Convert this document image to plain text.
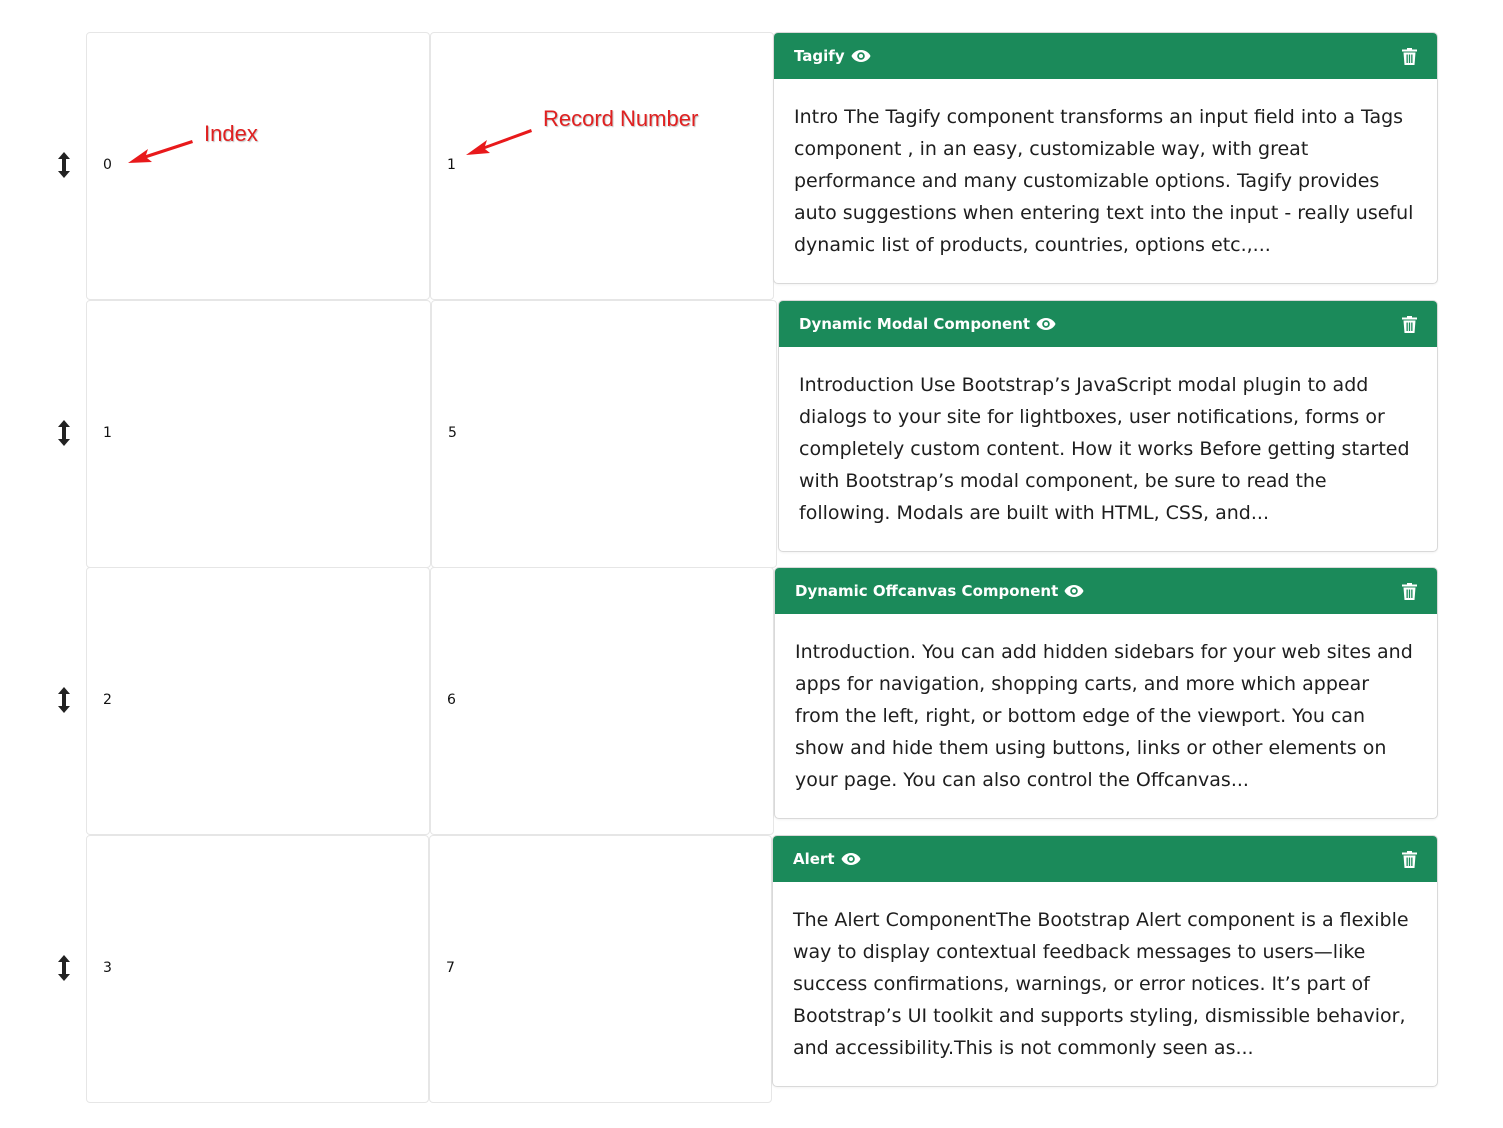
0	1
Tagify
Intro The Tagify component transforms an input field into a Tags component , in an easy, customizable way, with great performance and many customizable options. Tagify provides auto suggestions when entering text into the input - really useful dynamic list of products, countries, options etc.,...
1	5
Dynamic Modal Component
Introduction Use Bootstrap’s JavaScript modal plugin to add dialogs to your site for lightboxes, user notifications, forms or completely custom content. How it works Before getting started with Bootstrap’s modal component, be sure to read the following. Modals are built with HTML, CSS, and...
2	6
Dynamic Offcanvas Component
Introduction. You can add hidden sidebars for your web sites and apps for navigation, shopping carts, and more which appear from the left, right, or bottom edge of the viewport. You can show and hide them using buttons, links or other elements on your page. You can also control the Offcanvas...
3	7
Alert
The Alert ComponentThe Bootstrap Alert component is a flexible way to display contextual feedback messages to users—like success confirmations, warnings, or error notices. It’s part of Bootstrap’s UI toolkit and supports styling, dismissible behavior, and accessibility.This is not commonly seen as...
Index
Record Number
